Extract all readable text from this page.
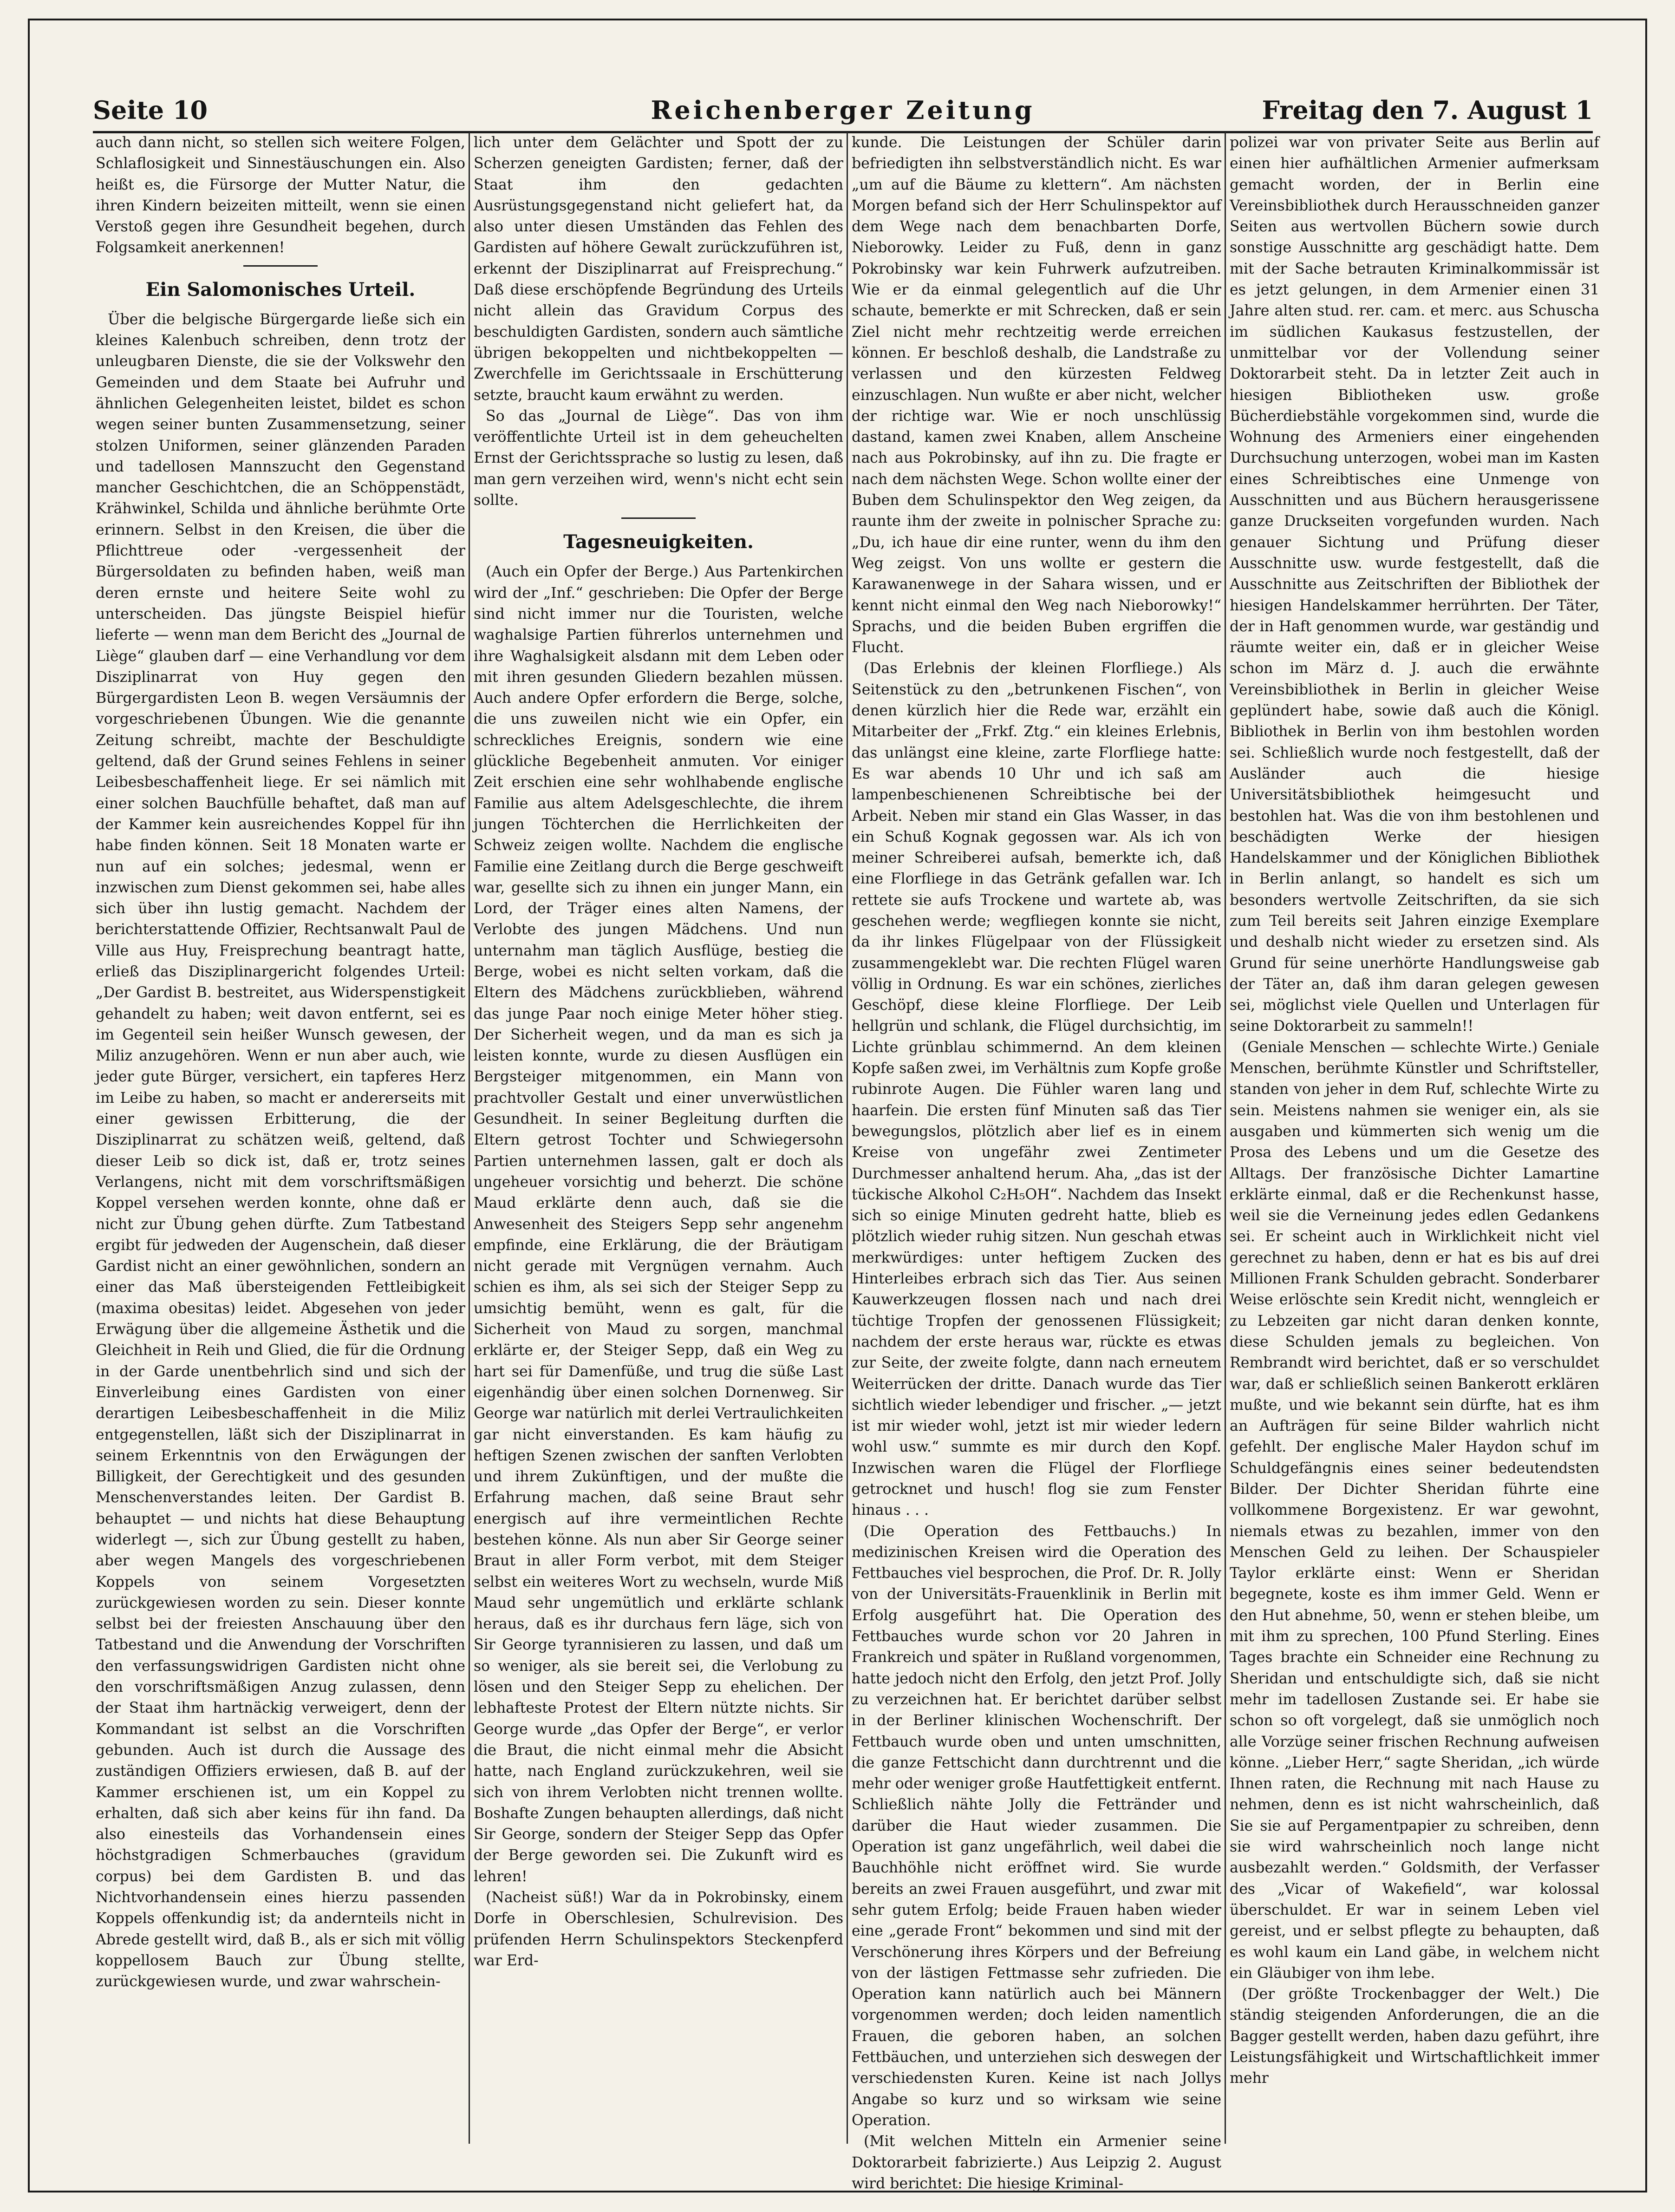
Seite 10	Reichenberger Zeitung	Freitag den 7. August 1

auch dann nicht, so stellen sich weitere Folgen, Schlaflosigkeit und Sinnestäuschungen ein. Also heißt es, die Fürsorge der Mutter Natur, die ihren Kindern beizeiten mitteilt, wenn sie einen Verstoß gegen ihre Gesundheit begehen, durch Folgsamkeit anerkennen!

Ein Salomonisches Urteil.

Über die belgische Bürgergarde ließe sich ein kleines Kalenbuch schreiben, denn trotz der unleugbaren Dienste, die sie der Volkswehr den Gemeinden und dem Staate bei Aufruhr und ähnlichen Gelegenheiten leistet, bildet es schon wegen seiner bunten Zusammensetzung, seiner stolzen Uniformen, seiner glänzenden Paraden und tadellosen Mannszucht den Gegenstand mancher Geschichtchen, die an Schöppenstädt, Krähwinkel, Schilda und ähnliche berühmte Orte erinnern. Selbst in den Kreisen, die über die Pflichttreue oder -vergessenheit der Bürgersoldaten zu befinden haben, weiß man deren ernste und heitere Seite wohl zu unterscheiden. Das jüngste Beispiel hiefür lieferte — wenn man dem Bericht des „Journal de Liège“ glauben darf — eine Verhandlung vor dem Disziplinarrat von Huy gegen den Bürgergardisten Leon B. wegen Versäumnis der vorgeschriebenen Übungen. Wie die genannte Zeitung schreibt, machte der Beschuldigte geltend, daß der Grund seines Fehlens in seiner Leibesbeschaffenheit liege. Er sei nämlich mit einer solchen Bauchfülle behaftet, daß man auf der Kammer kein ausreichendes Koppel für ihn habe finden können. Seit 18 Monaten warte er nun auf ein solches; jedesmal, wenn er inzwischen zum Dienst gekommen sei, habe alles sich über ihn lustig gemacht. Nachdem der berichterstattende Offizier, Rechtsanwalt Paul de Ville aus Huy, Freisprechung beantragt hatte, erließ das Disziplinargericht folgendes Urteil: „Der Gardist B. bestreitet, aus Widerspenstigkeit gehandelt zu haben; weit davon entfernt, sei es im Gegenteil sein heißer Wunsch gewesen, der Miliz anzugehören. Wenn er nun aber auch, wie jeder gute Bürger, versichert, ein tapferes Herz im Leibe zu haben, so macht er andererseits mit einer gewissen Erbitterung, die der Disziplinarrat zu schätzen weiß, geltend, daß dieser Leib so dick ist, daß er, trotz seines Verlangens, nicht mit dem vorschriftsmäßigen Koppel versehen werden konnte, ohne daß er nicht zur Übung gehen dürfte. Zum Tatbestand ergibt für jedweden der Augenschein, daß dieser Gardist nicht an einer gewöhnlichen, sondern an einer das Maß übersteigenden Fettleibigkeit (maxima obesitas) leidet. Abgesehen von jeder Erwägung über die allgemeine Ästhetik und die Gleichheit in Reih und Glied, die für die Ordnung in der Garde unentbehrlich sind und sich der Einverleibung eines Gardisten von einer derartigen Leibesbeschaffenheit in die Miliz entgegenstellen, läßt sich der Disziplinarrat in seinem Erkenntnis von den Erwägungen der Billigkeit, der Gerechtigkeit und des gesunden Menschenverstandes leiten. Der Gardist B. behauptet — und nichts hat diese Behauptung widerlegt —, sich zur Übung gestellt zu haben, aber wegen Mangels des vorgeschriebenen Koppels von seinem Vorgesetzten zurückgewiesen worden zu sein. Dieser konnte selbst bei der freiesten Anschauung über den Tatbestand und die Anwendung der Vorschriften den verfassungswidrigen Gardisten nicht ohne den vorschriftsmäßigen Anzug zulassen, denn der Staat ihm hartnäckig verweigert, denn der Kommandant ist selbst an die Vorschriften gebunden. Auch ist durch die Aussage des zuständigen Offiziers erwiesen, daß B. auf der Kammer erschienen ist, um ein Koppel zu erhalten, daß sich aber keins für ihn fand. Da also einesteils das Vorhandensein eines höchstgradigen Schmerbauches (gravidum corpus) bei dem Gardisten B. und das Nichtvorhandensein eines hierzu passenden Koppels offenkundig ist; da andernteils nicht in Abrede gestellt wird, daß B., als er sich mit völlig koppellosem Bauch zur Übung stellte, zurückgewiesen wurde, und zwar wahrschein-

lich unter dem Gelächter und Spott der zu Scherzen geneigten Gardisten; ferner, daß der Staat ihm den gedachten Ausrüstungsgegenstand nicht geliefert hat, da also unter diesen Umständen das Fehlen des Gardisten auf höhere Gewalt zurückzuführen ist, erkennt der Disziplinarrat auf Freisprechung.“ Daß diese erschöpfende Begründung des Urteils nicht allein das Gravidum Corpus des beschuldigten Gardisten, sondern auch sämtliche übrigen bekoppelten und nichtbekoppelten — Zwerchfelle im Gerichtssaale in Erschütterung setzte, braucht kaum erwähnt zu werden.

So das „Journal de Liège“. Das von ihm veröffentlichte Urteil ist in dem geheuchelten Ernst der Gerichtssprache so lustig zu lesen, daß man gern verzeihen wird, wenn's nicht echt sein sollte.

Tagesneuigkeiten.

(Auch ein Opfer der Berge.) Aus Partenkirchen wird der „Inf.“ geschrieben: Die Opfer der Berge sind nicht immer nur die Touristen, welche waghalsige Partien führerlos unternehmen und ihre Waghalsigkeit alsdann mit dem Leben oder mit ihren gesunden Gliedern bezahlen müssen. Auch andere Opfer erfordern die Berge, solche, die uns zuweilen nicht wie ein Opfer, ein schreckliches Ereignis, sondern wie eine glückliche Begebenheit anmuten. Vor einiger Zeit erschien eine sehr wohlhabende englische Familie aus altem Adelsgeschlechte, die ihrem jungen Töchterchen die Herrlichkeiten der Schweiz zeigen wollte. Nachdem die englische Familie eine Zeitlang durch die Berge geschweift war, gesellte sich zu ihnen ein junger Mann, ein Lord, der Träger eines alten Namens, der Verlobte des jungen Mädchens. Und nun unternahm man täglich Ausflüge, bestieg die Berge, wobei es nicht selten vorkam, daß die Eltern des Mädchens zurückblieben, während das junge Paar noch einige Meter höher stieg. Der Sicherheit wegen, und da man es sich ja leisten konnte, wurde zu diesen Ausflügen ein Bergsteiger mitgenommen, ein Mann von prachtvoller Gestalt und einer unverwüstlichen Gesundheit. In seiner Begleitung durften die Eltern getrost Tochter und Schwiegersohn Partien unternehmen lassen, galt er doch als ungeheuer vorsichtig und beherzt. Die schöne Maud erklärte denn auch, daß sie die Anwesenheit des Steigers Sepp sehr angenehm empfinde, eine Erklärung, die der Bräutigam nicht gerade mit Vergnügen vernahm. Auch schien es ihm, als sei sich der Steiger Sepp zu umsichtig bemüht, wenn es galt, für die Sicherheit von Maud zu sorgen, manchmal erklärte er, der Steiger Sepp, daß ein Weg zu hart sei für Damenfüße, und trug die süße Last eigenhändig über einen solchen Dornenweg. Sir George war natürlich mit derlei Vertraulichkeiten gar nicht einverstanden. Es kam häufig zu heftigen Szenen zwischen der sanften Verlobten und ihrem Zukünftigen, und der mußte die Erfahrung machen, daß seine Braut sehr energisch auf ihre vermeintlichen Rechte bestehen könne. Als nun aber Sir George seiner Braut in aller Form verbot, mit dem Steiger selbst ein weiteres Wort zu wechseln, wurde Miß Maud sehr ungemütlich und erklärte schlank heraus, daß es ihr durchaus fern läge, sich von Sir George tyrannisieren zu lassen, und daß um so weniger, als sie bereit sei, die Verlobung zu lösen und den Steiger Sepp zu ehelichen. Der lebhafteste Protest der Eltern nützte nichts. Sir George wurde „das Opfer der Berge“, er verlor die Braut, die nicht einmal mehr die Absicht hatte, nach England zurückzukehren, weil sie sich von ihrem Verlobten nicht trennen wollte. Boshafte Zungen behaupten allerdings, daß nicht Sir George, sondern der Steiger Sepp das Opfer der Berge geworden sei. Die Zukunft wird es lehren!

(Nacheist süß!) War da in Pokrobinsky, einem Dorfe in Oberschlesien, Schulrevision. Des prüfenden Herrn Schulinspektors Steckenpferd war Erd-

kunde. Die Leistungen der Schüler darin befriedigten ihn selbstverständlich nicht. Es war „um auf die Bäume zu klettern“. Am nächsten Morgen befand sich der Herr Schulinspektor auf dem Wege nach dem benachbarten Dorfe, Nieborowky. Leider zu Fuß, denn in ganz Pokrobinsky war kein Fuhrwerk aufzutreiben. Wie er da einmal gelegentlich auf die Uhr schaute, bemerkte er mit Schrecken, daß er sein Ziel nicht mehr rechtzeitig werde erreichen können. Er beschloß deshalb, die Landstraße zu verlassen und den kürzesten Feldweg einzuschlagen. Nun wußte er aber nicht, welcher der richtige war. Wie er noch unschlüssig dastand, kamen zwei Knaben, allem Anscheine nach aus Pokrobinsky, auf ihn zu. Die fragte er nach dem nächsten Wege. Schon wollte einer der Buben dem Schulinspektor den Weg zeigen, da raunte ihm der zweite in polnischer Sprache zu: „Du, ich haue dir eine runter, wenn du ihm den Weg zeigst. Von uns wollte er gestern die Karawanenwege in der Sahara wissen, und er kennt nicht einmal den Weg nach Nieborowky!“ Sprachs, und die beiden Buben ergriffen die Flucht.

(Das Erlebnis der kleinen Florfliege.) Als Seitenstück zu den „betrunkenen Fischen“, von denen kürzlich hier die Rede war, erzählt ein Mitarbeiter der „Frkf. Ztg.“ ein kleines Erlebnis, das unlängst eine kleine, zarte Florfliege hatte: Es war abends 10 Uhr und ich saß am lampenbeschienenen Schreibtische bei der Arbeit. Neben mir stand ein Glas Wasser, in das ein Schuß Kognak gegossen war. Als ich von meiner Schreiberei aufsah, bemerkte ich, daß eine Florfliege in das Getränk gefallen war. Ich rettete sie aufs Trockene und wartete ab, was geschehen werde; wegfliegen konnte sie nicht, da ihr linkes Flügelpaar von der Flüssigkeit zusammengeklebt war. Die rechten Flügel waren völlig in Ordnung. Es war ein schönes, zierliches Geschöpf, diese kleine Florfliege. Der Leib hellgrün und schlank, die Flügel durchsichtig, im Lichte grünblau schimmernd. An dem kleinen Kopfe saßen zwei, im Verhältnis zum Kopfe große rubinrote Augen. Die Fühler waren lang und haarfein. Die ersten fünf Minuten saß das Tier bewegungslos, plötzlich aber lief es in einem Kreise von ungefähr zwei Zentimeter Durchmesser anhaltend herum. Aha, „das ist der tückische Alkohol C₂H₅OH“. Nachdem das Insekt sich so einige Minuten gedreht hatte, blieb es plötzlich wieder ruhig sitzen. Nun geschah etwas merkwürdiges: unter heftigem Zucken des Hinterleibes erbrach sich das Tier. Aus seinen Kauwerkzeugen flossen nach und nach drei tüchtige Tropfen der genossenen Flüssigkeit; nachdem der erste heraus war, rückte es etwas zur Seite, der zweite folgte, dann nach erneutem Weiterrücken der dritte. Danach wurde das Tier sichtlich wieder lebendiger und frischer. „— jetzt ist mir wieder wohl, jetzt ist mir wieder ledern wohl usw.“ summte es mir durch den Kopf. Inzwischen waren die Flügel der Florfliege getrocknet und husch! flog sie zum Fenster hinaus . . .

(Die Operation des Fettbauchs.) In medizinischen Kreisen wird die Operation des Fettbauches viel besprochen, die Prof. Dr. R. Jolly von der Universitäts-Frauenklinik in Berlin mit Erfolg ausgeführt hat. Die Operation des Fettbauches wurde schon vor 20 Jahren in Frankreich und später in Rußland vorgenommen, hatte jedoch nicht den Erfolg, den jetzt Prof. Jolly zu verzeichnen hat. Er berichtet darüber selbst in der Berliner klinischen Wochenschrift. Der Fettbauch wurde oben und unten umschnitten, die ganze Fettschicht dann durchtrennt und die mehr oder weniger große Hautfettigkeit entfernt. Schließlich nähte Jolly die Fettränder und darüber die Haut wieder zusammen. Die Operation ist ganz ungefährlich, weil dabei die Bauchhöhle nicht eröffnet wird. Sie wurde bereits an zwei Frauen ausgeführt, und zwar mit sehr gutem Erfolg; beide Frauen haben wieder eine „gerade Front“ bekommen und sind mit der Verschönerung ihres Körpers und der Befreiung von der lästigen Fettmasse sehr zufrieden. Die Operation kann natürlich auch bei Männern vorgenommen werden; doch leiden namentlich Frauen, die geboren haben, an solchen Fettbäuchen, und unterziehen sich deswegen der verschiedensten Kuren. Keine ist nach Jollys Angabe so kurz und so wirksam wie seine Operation.

(Mit welchen Mitteln ein Armenier seine Doktorarbeit fabrizierte.) Aus Leipzig 2. August wird berichtet: Die hiesige Kriminal-

polizei war von privater Seite aus Berlin auf einen hier aufhältlichen Armenier aufmerksam gemacht worden, der in Berlin eine Vereinsbibliothek durch Herausschneiden ganzer Seiten aus wertvollen Büchern sowie durch sonstige Ausschnitte arg geschädigt hatte. Dem mit der Sache betrauten Kriminalkommissär ist es jetzt gelungen, in dem Armenier einen 31 Jahre alten stud. rer. cam. et merc. aus Schuscha im südlichen Kaukasus festzustellen, der unmittelbar vor der Vollendung seiner Doktorarbeit steht. Da in letzter Zeit auch in hiesigen Bibliotheken usw. große Bücherdiebstähle vorgekommen sind, wurde die Wohnung des Armeniers einer eingehenden Durchsuchung unterzogen, wobei man im Kasten eines Schreibtisches eine Unmenge von Ausschnitten und aus Büchern herausgerissene ganze Druckseiten vorgefunden wurden. Nach genauer Sichtung und Prüfung dieser Ausschnitte usw. wurde festgestellt, daß die Ausschnitte aus Zeitschriften der Bibliothek der hiesigen Handelskammer herrührten. Der Täter, der in Haft genommen wurde, war geständig und räumte weiter ein, daß er in gleicher Weise schon im März d. J. auch die erwähnte Vereinsbibliothek in Berlin in gleicher Weise geplündert habe, sowie daß auch die Königl. Bibliothek in Berlin von ihm bestohlen worden sei. Schließlich wurde noch festgestellt, daß der Ausländer auch die hiesige Universitätsbibliothek heimgesucht und bestohlen hat. Was die von ihm bestohlenen und beschädigten Werke der hiesigen Handelskammer und der Königlichen Bibliothek in Berlin anlangt, so handelt es sich um besonders wertvolle Zeitschriften, da sie sich zum Teil bereits seit Jahren einzige Exemplare und deshalb nicht wieder zu ersetzen sind. Als Grund für seine unerhörte Handlungsweise gab der Täter an, daß ihm daran gelegen gewesen sei, möglichst viele Quellen und Unterlagen für seine Doktorarbeit zu sammeln!!

(Geniale Menschen — schlechte Wirte.) Geniale Menschen, berühmte Künstler und Schriftsteller, standen von jeher in dem Ruf, schlechte Wirte zu sein. Meistens nahmen sie weniger ein, als sie ausgaben und kümmerten sich wenig um die Prosa des Lebens und um die Gesetze des Alltags. Der französische Dichter Lamartine erklärte einmal, daß er die Rechenkunst hasse, weil sie die Verneinung jedes edlen Gedankens sei. Er scheint auch in Wirklichkeit nicht viel gerechnet zu haben, denn er hat es bis auf drei Millionen Frank Schulden gebracht. Sonderbarer Weise erlöschte sein Kredit nicht, wenngleich er zu Lebzeiten gar nicht daran denken konnte, diese Schulden jemals zu begleichen. Von Rembrandt wird berichtet, daß er so verschuldet war, daß er schließlich seinen Bankerott erklären mußte, und wie bekannt sein dürfte, hat es ihm an Aufträgen für seine Bilder wahrlich nicht gefehlt. Der englische Maler Haydon schuf im Schuldgefängnis eines seiner bedeutendsten Bilder. Der Dichter Sheridan führte eine vollkommene Borgexistenz. Er war gewohnt, niemals etwas zu bezahlen, immer von den Menschen Geld zu leihen. Der Schauspieler Taylor erklärte einst: Wenn er Sheridan begegnete, koste es ihm immer Geld. Wenn er den Hut abnehme, 50, wenn er stehen bleibe, um mit ihm zu sprechen, 100 Pfund Sterling. Eines Tages brachte ein Schneider eine Rechnung zu Sheridan und entschuldigte sich, daß sie nicht mehr im tadellosen Zustande sei. Er habe sie schon so oft vorgelegt, daß sie unmöglich noch alle Vorzüge seiner frischen Rechnung aufweisen könne. „Lieber Herr,“ sagte Sheridan, „ich würde Ihnen raten, die Rechnung mit nach Hause zu nehmen, denn es ist nicht wahrscheinlich, daß Sie sie auf Pergamentpapier zu schreiben, denn sie wird wahrscheinlich noch lange nicht ausbezahlt werden.“ Goldsmith, der Verfasser des „Vicar of Wakefield“, war kolossal überschuldet. Er war in seinem Leben viel gereist, und er selbst pflegte zu behaupten, daß es wohl kaum ein Land gäbe, in welchem nicht ein Gläubiger von ihm lebe.

(Der größte Trockenbagger der Welt.) Die ständig steigenden Anforderungen, die an die Bagger gestellt werden, haben dazu geführt, ihre Leistungsfähigkeit und Wirtschaftlichkeit immer mehr
